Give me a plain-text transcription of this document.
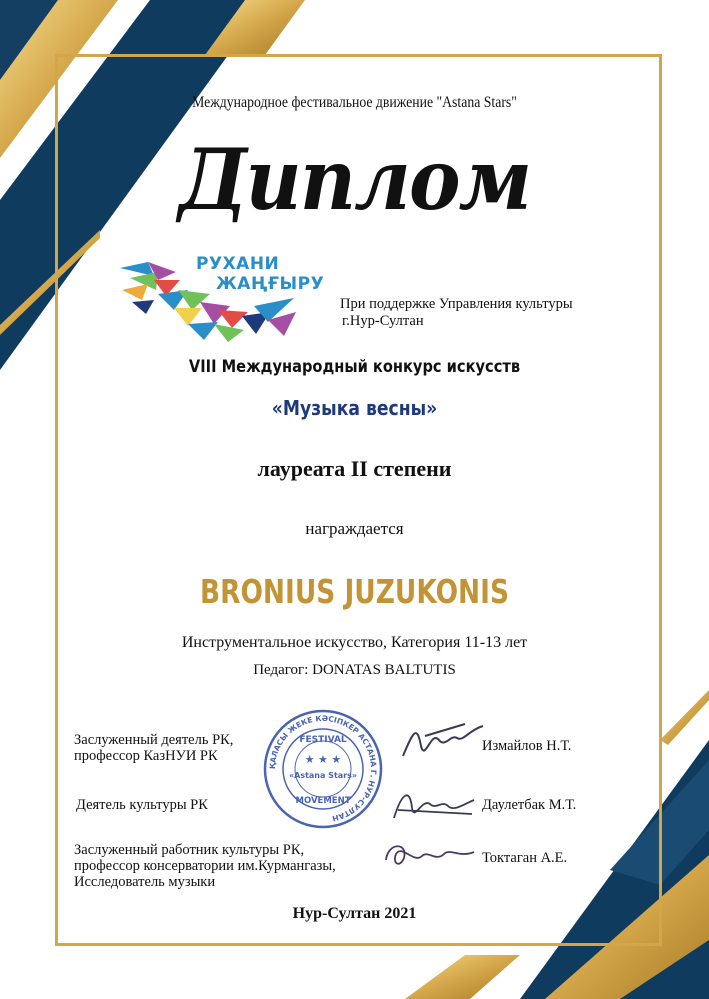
Международное фестивальное движение "Astana Stars"
Диплом
РУХАНИ
ЖАҢҒЫРУ
При поддержке Управления культуры
г.Нур-Султан
VIII Международный конкурс искусств
«Музыка весны»
лауреата II степени
награждается
BRONIUS JUZUKONIS
Инструментальное искусство, Категория 11-13 лет
Педагог: DONATAS BALTUTIS
ҚАЛАСЫ ЖЕКЕ КӘСІПКЕР АСТАНА Г. НУР-СУЛТАН
FESTIVAL
★ ★ ★
«Astana Stars»
MOVEMENT
Заслуженный деятель РК,
профессор КазНУИ РК
Измайлов Н.Т.
Деятель культуры РК	Даулетбак М.Т.
Заслуженный работник культуры РК,
профессор консерватории им.Курмангазы,
Исследователь музыки
Токтаган А.Е.
Нур-Султан 2021
